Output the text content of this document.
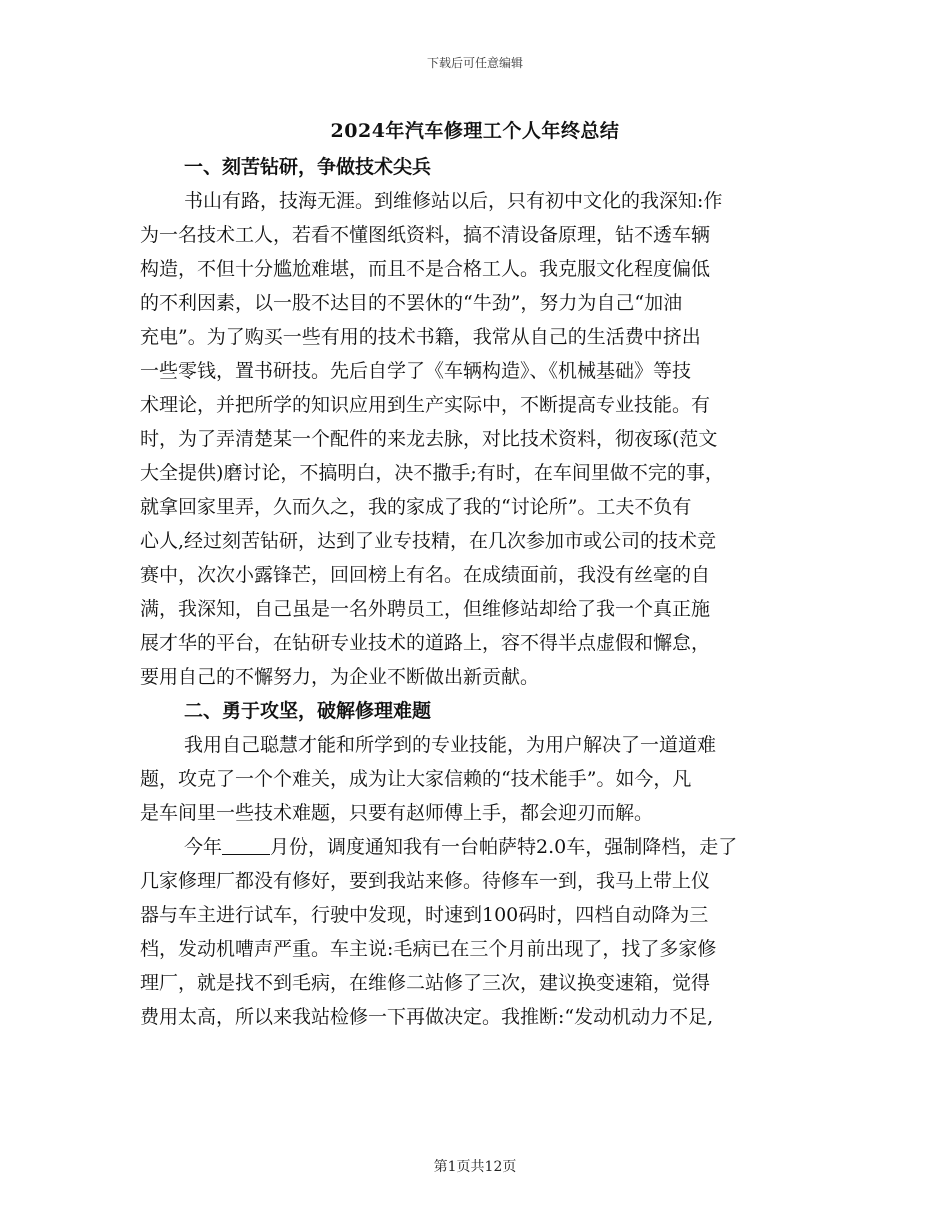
下载后可任意编辑
2024年汽车修理工个人年终总结
一、刻苦钻研，争做技术尖兵
书山有路，技海无涯。到维修站以后，只有初中文化的我深知:作
为一名技术工人，若看不懂图纸资料，搞不清设备原理，钻不透车辆
构造，不但十分尴尬难堪，而且不是合格工人。我克服文化程度偏低
的不利因素，以一股不达目的不罢休的“牛劲”，努力为自己“加油
充电”。为了购买一些有用的技术书籍，我常从自己的生活费中挤出
一些零钱，置书研技。先后自学了《车辆构造》、《机械基础》等技
术理论，并把所学的知识应用到生产实际中，不断提高专业技能。有
时，为了弄清楚某一个配件的来龙去脉，对比技术资料，彻夜琢(范文
大全提供)磨讨论，不搞明白，决不撒手;有时，在车间里做不完的事，
就拿回家里弄，久而久之，我的家成了我的“讨论所”。工夫不负有
心人,经过刻苦钻研，达到了业专技精，在几次参加市或公司的技术竞
赛中，次次小露锋芒，回回榜上有名。在成绩面前，我没有丝毫的自
满，我深知，自己虽是一名外聘员工，但维修站却给了我一个真正施
展才华的平台，在钻研专业技术的道路上，容不得半点虚假和懈怠，
要用自己的不懈努力，为企业不断做出新贡献。
二、勇于攻坚，破解修理难题
我用自己聪慧才能和所学到的专业技能，为用户解决了一道道难
题，攻克了一个个难关，成为让大家信赖的“技术能手”。如今，凡
是车间里一些技术难题，只要有赵师傅上手，都会迎刃而解。
今年	月份，调度通知我有一台帕萨特2.0车，强制降档，走了
几家修理厂都没有修好，要到我站来修。待修车一到，我马上带上仪
器与车主进行试车，行驶中发现，时速到100码时，四档自动降为三
档，发动机嘈声严重。车主说:毛病已在三个月前出现了，找了多家修
理厂，就是找不到毛病，在维修二站修了三次，建议换变速箱，觉得
费用太高，所以来我站检修一下再做决定。我推断:“发动机动力不足,
第1页共12页
